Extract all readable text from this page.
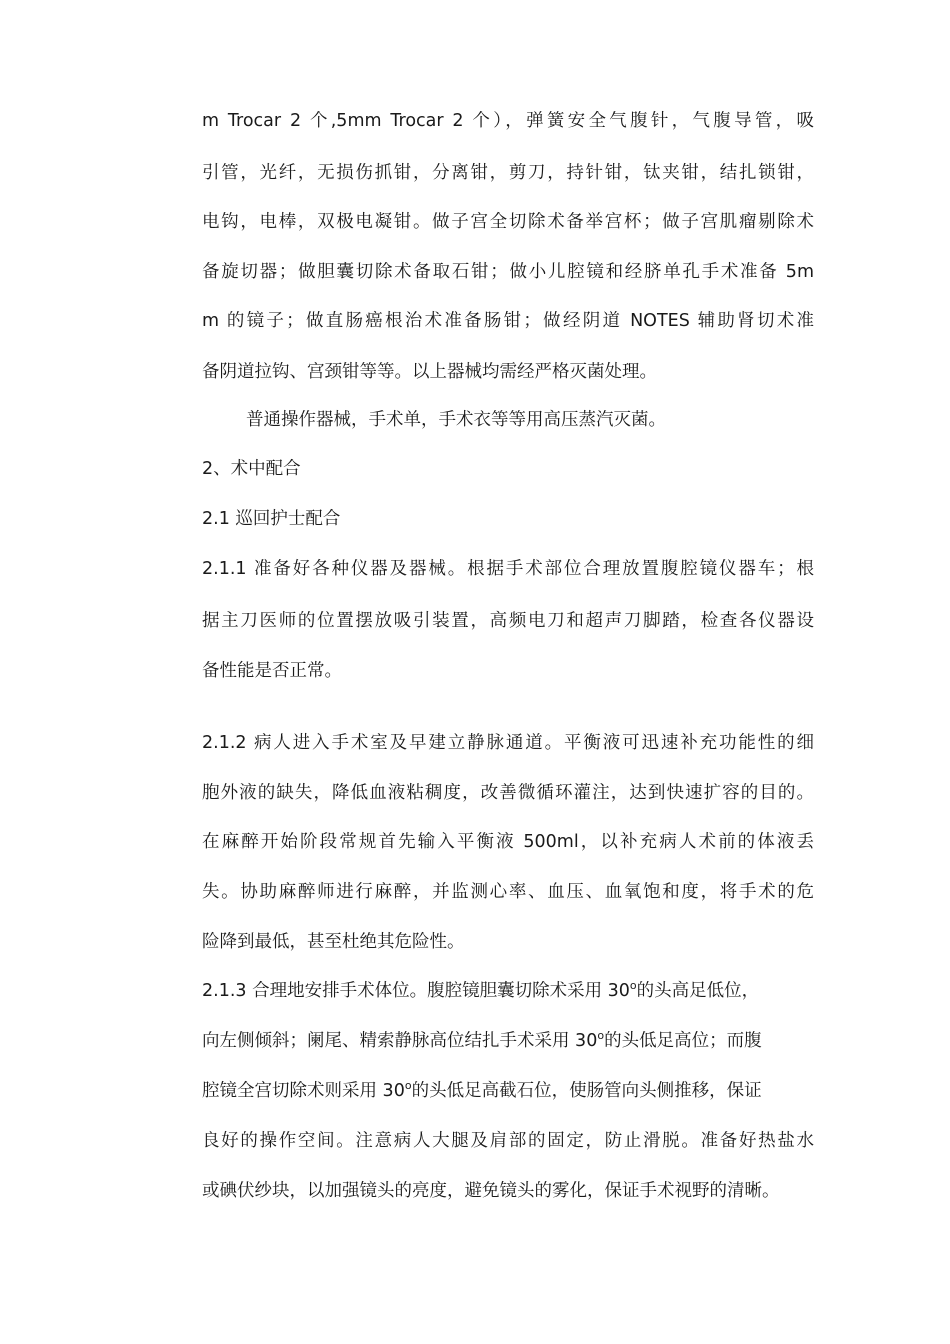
m Trocar 2 个,5mm Trocar 2 个），弹簧安全气腹针，气腹导管，吸
引管，光纤，无损伤抓钳，分离钳，剪刀，持针钳，钛夹钳，结扎锁钳，
电钩，电棒，双极电凝钳。做子宫全切除术备举宫杯；做子宫肌瘤剔除术
备旋切器；做胆囊切除术备取石钳；做小儿腔镜和经脐单孔手术准备 5m
m 的镜子；做直肠癌根治术准备肠钳；做经阴道 NOTES 辅助肾切术准
备阴道拉钩、宫颈钳等等。以上器械均需经严格灭菌处理。
普通操作器械，手术单，手术衣等等用高压蒸汽灭菌。
2、术中配合
2.1 巡回护士配合
2.1.1 准备好各种仪器及器械。根据手术部位合理放置腹腔镜仪器车；根
据主刀医师的位置摆放吸引装置，高频电刀和超声刀脚踏，检查各仪器设
备性能是否正常。
2.1.2 病人进入手术室及早建立静脉通道。平衡液可迅速补充功能性的细
胞外液的缺失，降低血液粘稠度，改善微循环灌注，达到快速扩容的目的。
在麻醉开始阶段常规首先输入平衡液 500ml，以补充病人术前的体液丢
失。协助麻醉师进行麻醉，并监测心率、血压、血氧饱和度，将手术的危
险降到最低，甚至杜绝其危险性。
2.1.3 合理地安排手术体位。腹腔镜胆囊切除术采用 30$^o$的头高足低位，
向左侧倾斜；阑尾、精索静脉高位结扎手术采用 30$^o$的头低足高位；而腹
腔镜全宫切除术则采用 30$^o$的头低足高截石位，使肠管向头侧推移，保证
良好的操作空间。注意病人大腿及肩部的固定，防止滑脱。准备好热盐水
或碘伏纱块，以加强镜头的亮度，避免镜头的雾化，保证手术视野的清晰。
